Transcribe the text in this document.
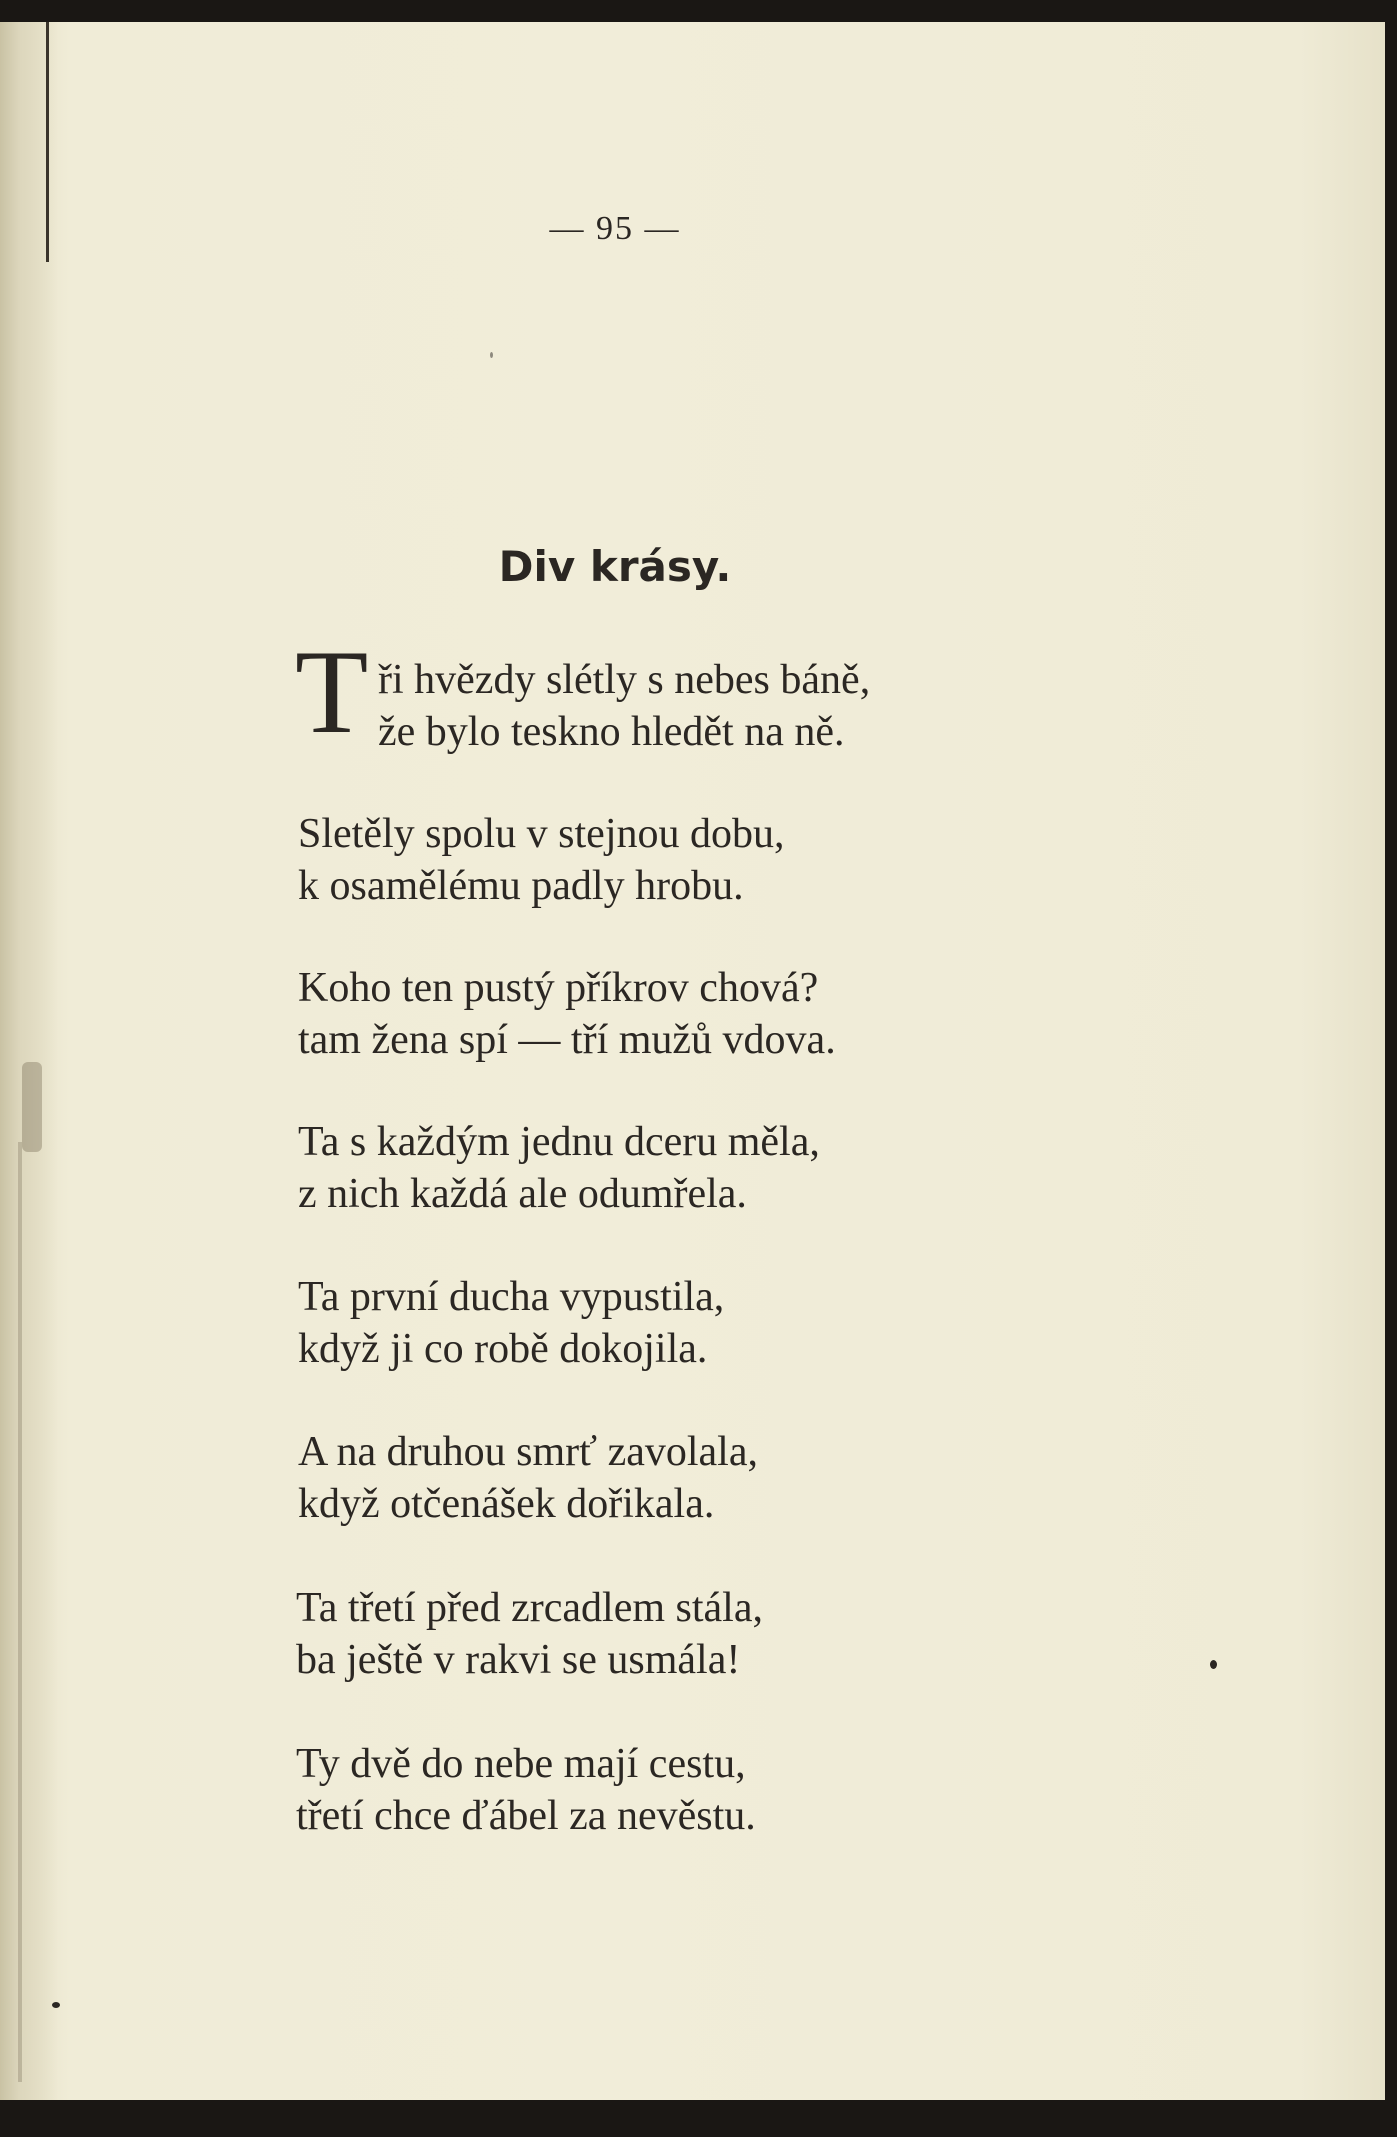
— 95 —
Div krásy.
T ři hvězdy slétly s nebes báně,
že bylo teskno hledět na ně.
Sletěly spolu v stejnou dobu,
k osamělému padly hrobu.
Koho ten pustý příkrov chová?
tam žena spí — tří mužů vdova.
Ta s každým jednu dceru měla,
z nich každá ale odumřela.
Ta první ducha vypustila,
když ji co robě dokojila.
A na druhou smrť zavolala,
když otčenášek dořikala.
Ta třetí před zrcadlem stála,
ba ještě v rakvi se usmála!
Ty dvě do nebe mají cestu,
třetí chce ďábel za nevěstu.
